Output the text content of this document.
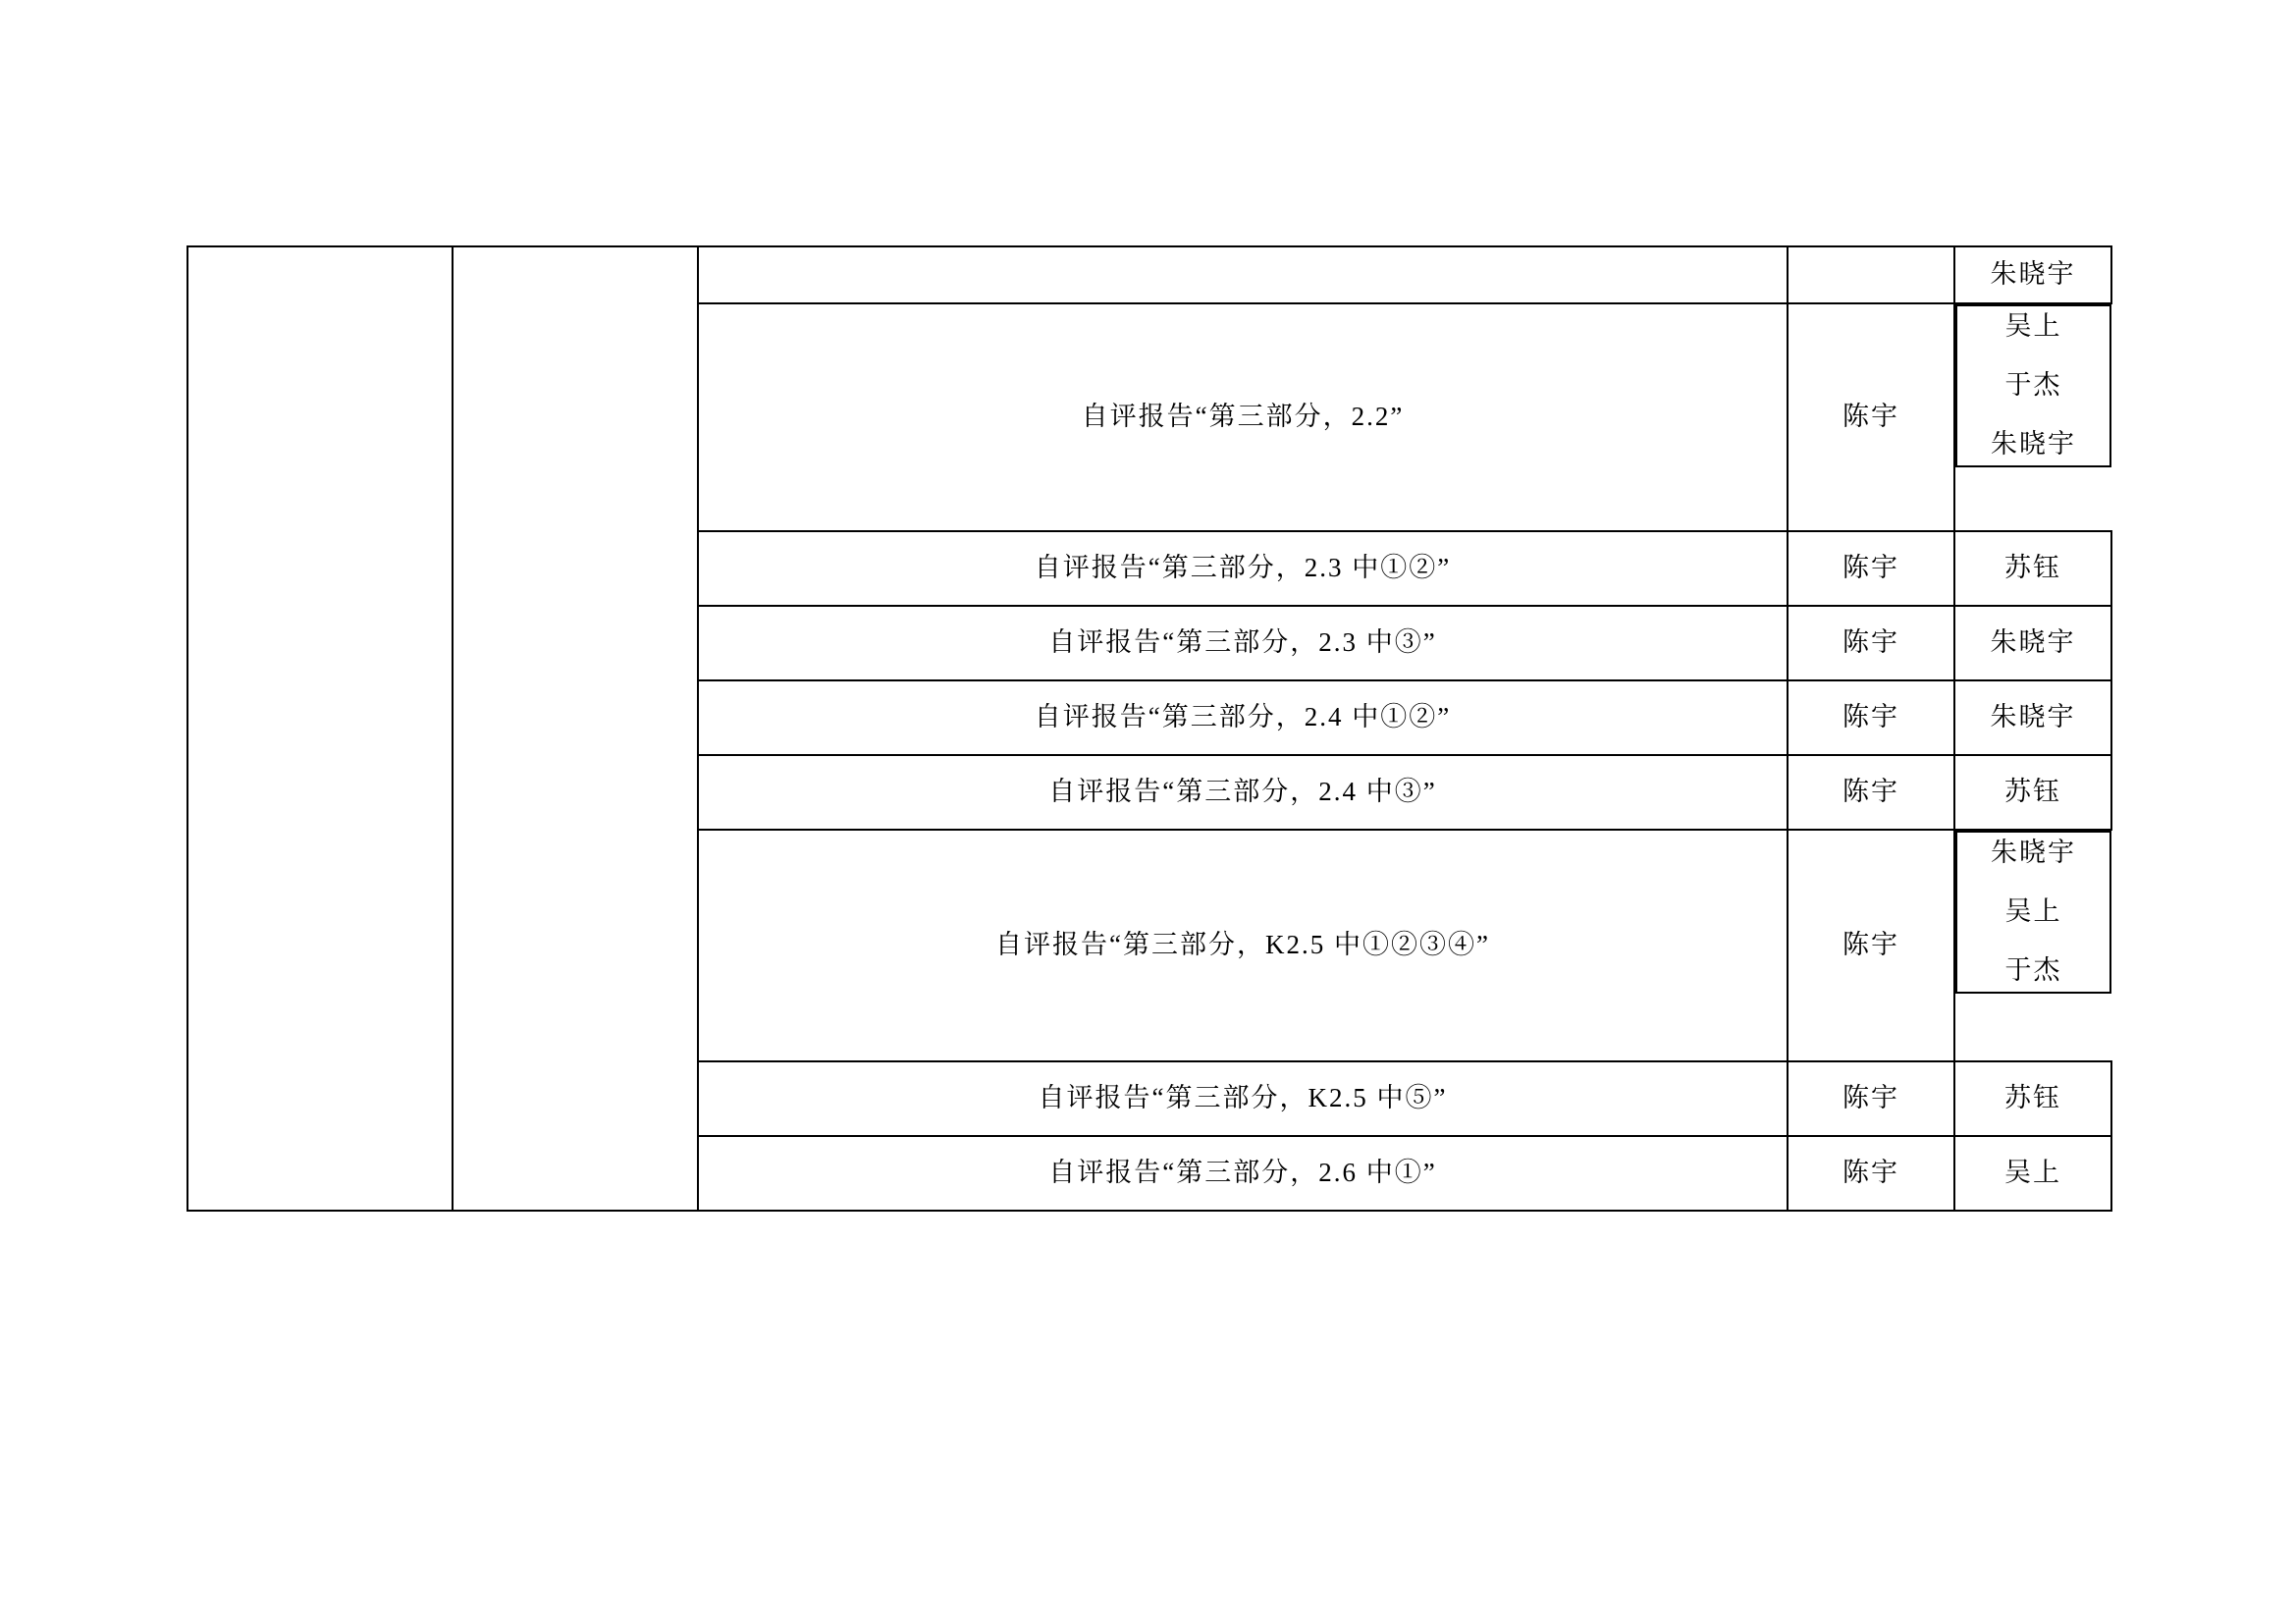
				朱晓宇
		自评报告“第三部分，2.2”	陈宇	
吴上
于杰
朱晓宇

		自评报告“第三部分，2.3 中①②”	陈宇	苏钰
		自评报告“第三部分，2.3 中③”	陈宇	朱晓宇
		自评报告“第三部分，2.4 中①②”	陈宇	朱晓宇
		自评报告“第三部分，2.4 中③”	陈宇	苏钰
		自评报告“第三部分，K2.5 中①②③④”	陈宇	
朱晓宇
吴上
于杰

		自评报告“第三部分，K2.5 中⑤”	陈宇	苏钰
		自评报告“第三部分，2.6 中①”	陈宇	吴上
